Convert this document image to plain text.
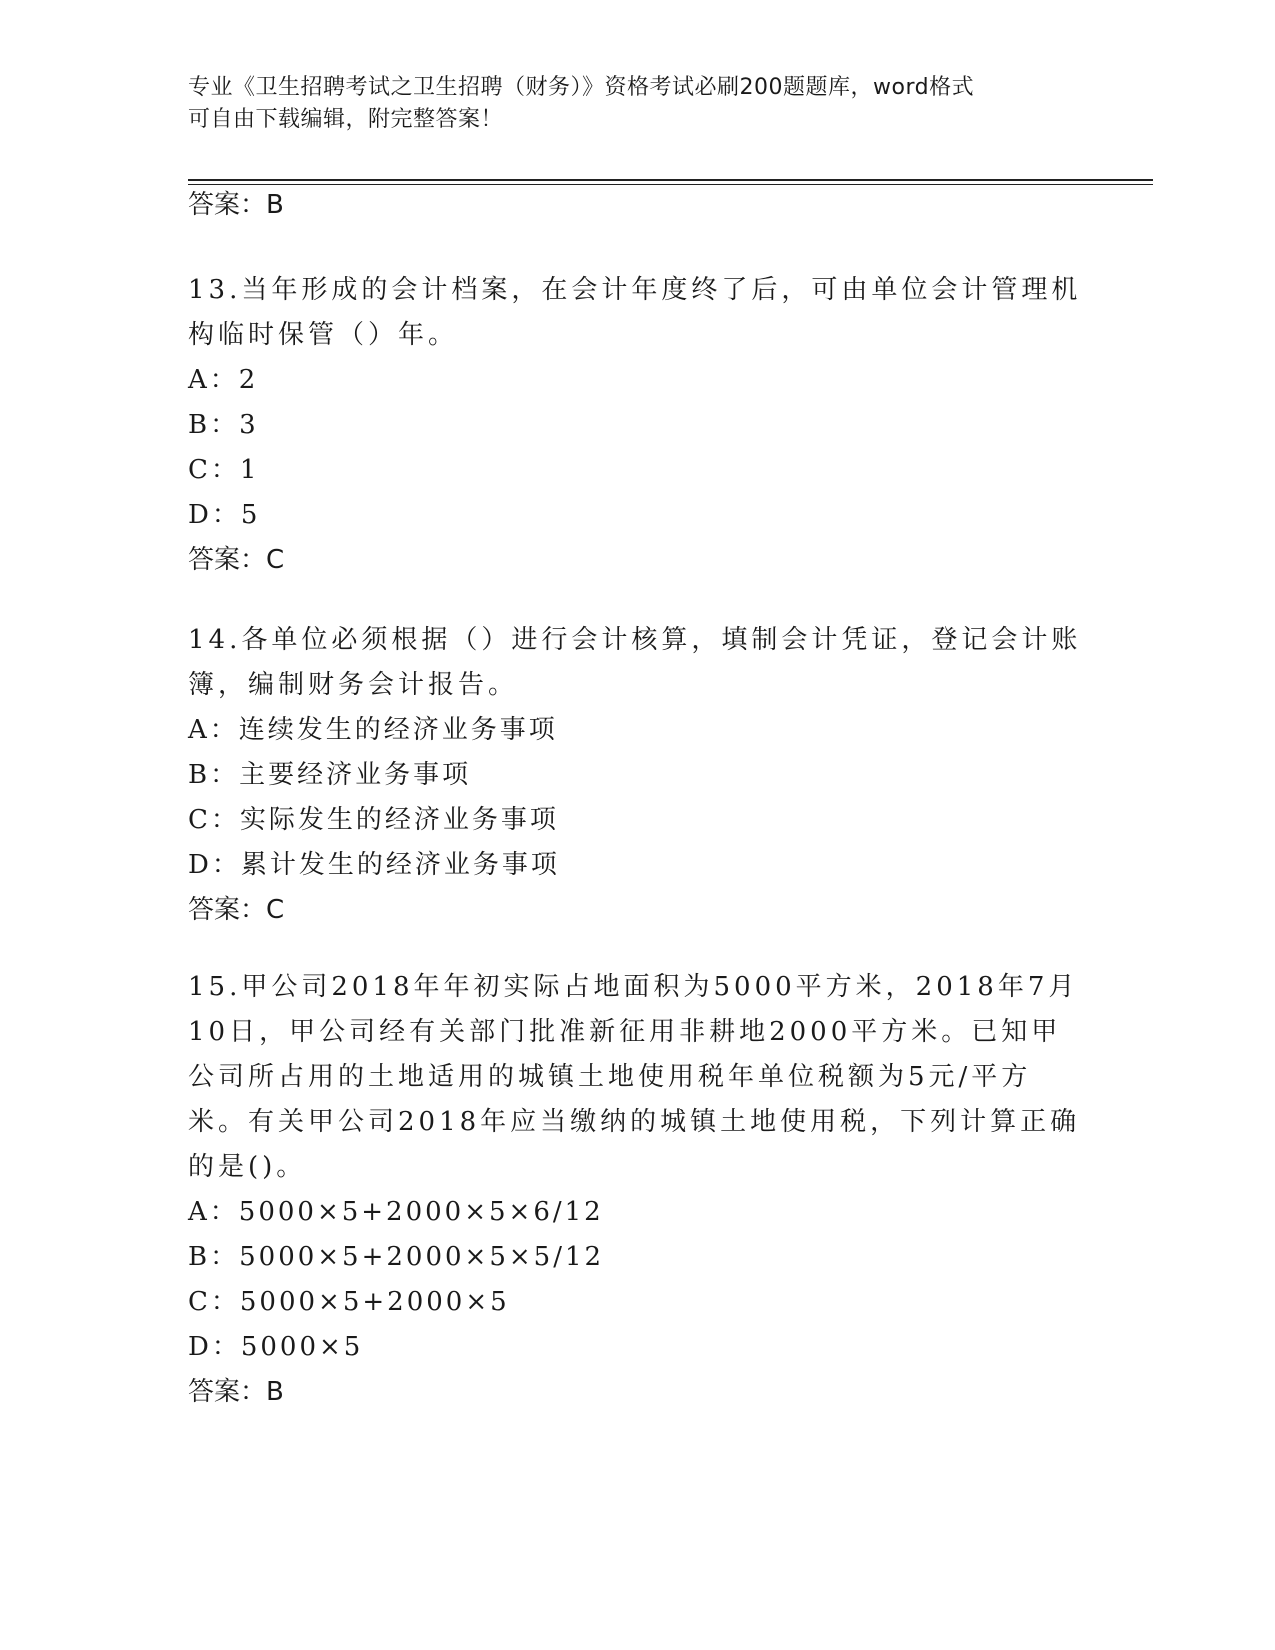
专业《卫生招聘考试之卫生招聘（财务）》资格考试必刷200题题库，word格式
可自由下载编辑，附完整答案！
答案：B
13.当年形成的会计档案，在会计年度终了后，可由单位会计管理机构临时保管（）年。
A：2
B：3
C：1
D：5
答案：C
14.各单位必须根据（）进行会计核算，填制会计凭证，登记会计账簿，编制财务会计报告。
A：连续发生的经济业务事项
B：主要经济业务事项
C：实际发生的经济业务事项
D：累计发生的经济业务事项
答案：C
15.甲公司2018年年初实际占地面积为5000平方米，2018年7月10日，甲公司经有关部门批准新征用非耕地2000平方米。已知甲公司所占用的土地适用的城镇土地使用税年单位税额为5元/平方米。有关甲公司2018年应当缴纳的城镇土地使用税，下列计算正确的是()。
A：5000×5+2000×5×6/12
B：5000×5+2000×5×5/12
C：5000×5+2000×5
D：5000×5
答案：B
